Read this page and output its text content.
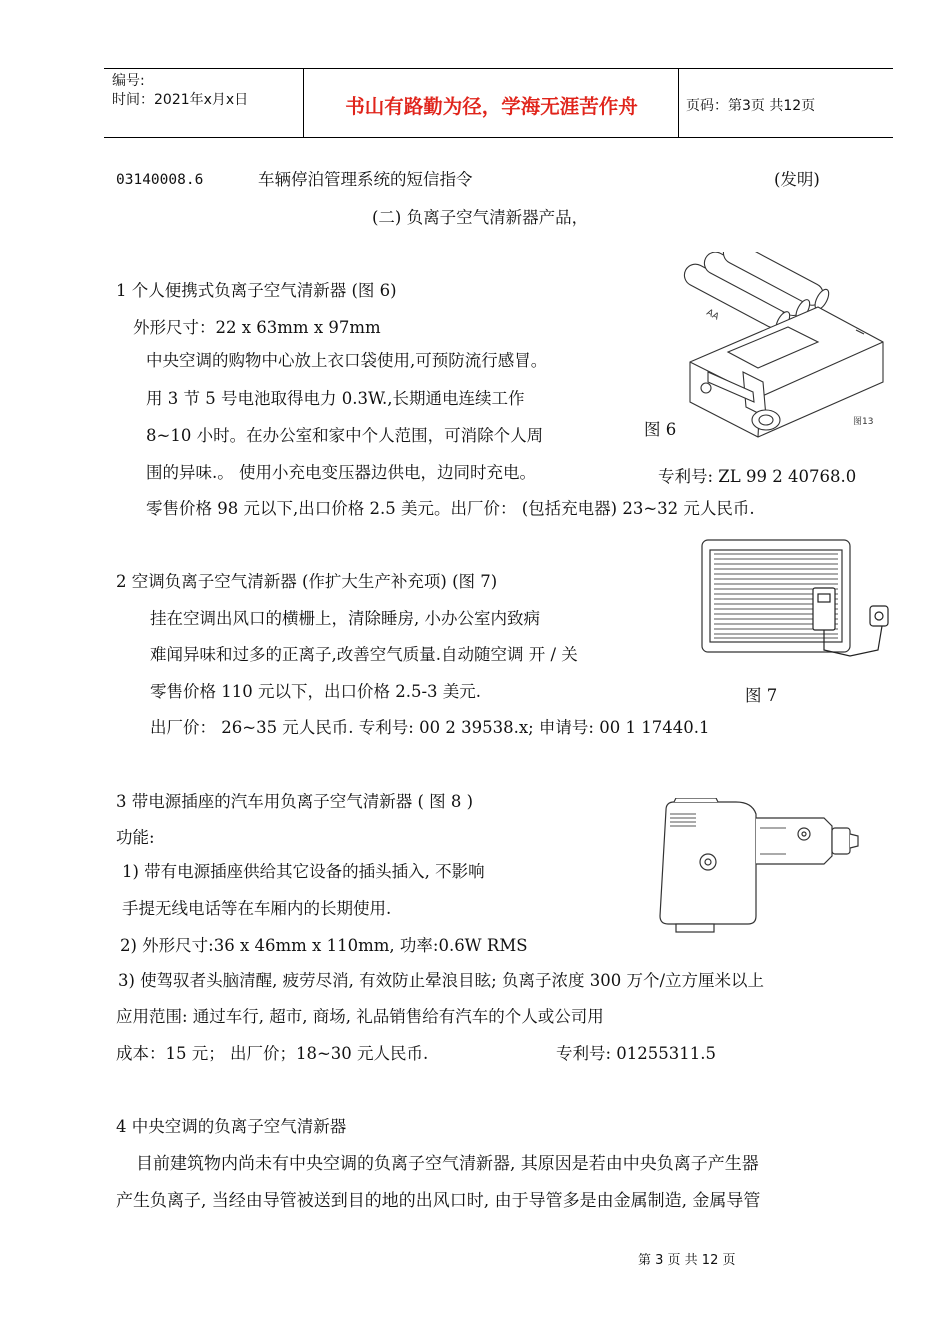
编号:
时间：2021年x月x日	书山有路勤为径，学海无涯苦作舟	页码：第3页 共12页
03140008.6	车辆停泊管理系统的短信指令	(发明)
(二) 负离子空气清新器产品，
1 个人便携式负离子空气清新器 (图 6)
外形尺寸：22 x 63mm x 97mm
中央空调的购物中心放上衣口袋使用,可预防流行感冒。
用 3 节 5 号电池取得电力 0.3W.,长期通电连续工作
8~10 小时。在办公室和家中个人范围，可消除个人周
围的异味.。 使用小充电变压器边供电，边同时充电。
零售价格 98 元以下,出口价格 2.5 美元。出厂价： (包括充电器) 23~32 元人民币.
图 6
专利号: ZL 99 2 40768.0
AA
图13
2 空调负离子空气清新器 (作扩大生产补充项) (图 7)
挂在空调出风口的横栅上，清除睡房, 小办公室内致病
难闻异味和过多的正离子,改善空气质量.自动随空调 开 / 关
零售价格 110 元以下，出口价格 2.5-3 美元.
出厂价： 26~35 元人民币. 专利号: 00 2 39538.x; 申请号: 00 1 17440.1
图 7
3 带电源插座的汽车用负离子空气清新器 ( 图 8 )
功能:
1) 带有电源插座供给其它设备的插头插入, 不影响
手提无线电话等在车厢内的长期使用.
2) 外形尺寸:36 x 46mm x 110mm, 功率:0.6W RMS
3) 使驾驭者头脑清醒, 疲劳尽消, 有效防止晕浪目眩; 负离子浓度 300 万个/立方厘米以上
应用范围: 通过车行, 超市, 商场, 礼品销售给有汽车的个人或公司用
成本：15 元； 出厂价；18~30 元人民币.	专利号: 01255311.5
4 中央空调的负离子空气清新器
目前建筑物内尚未有中央空调的负离子空气清新器, 其原因是若由中央负离子产生器
产生负离子, 当经由导管被送到目的地的出风口时, 由于导管多是由金属制造, 金属导管
第 3 页 共 12 页
